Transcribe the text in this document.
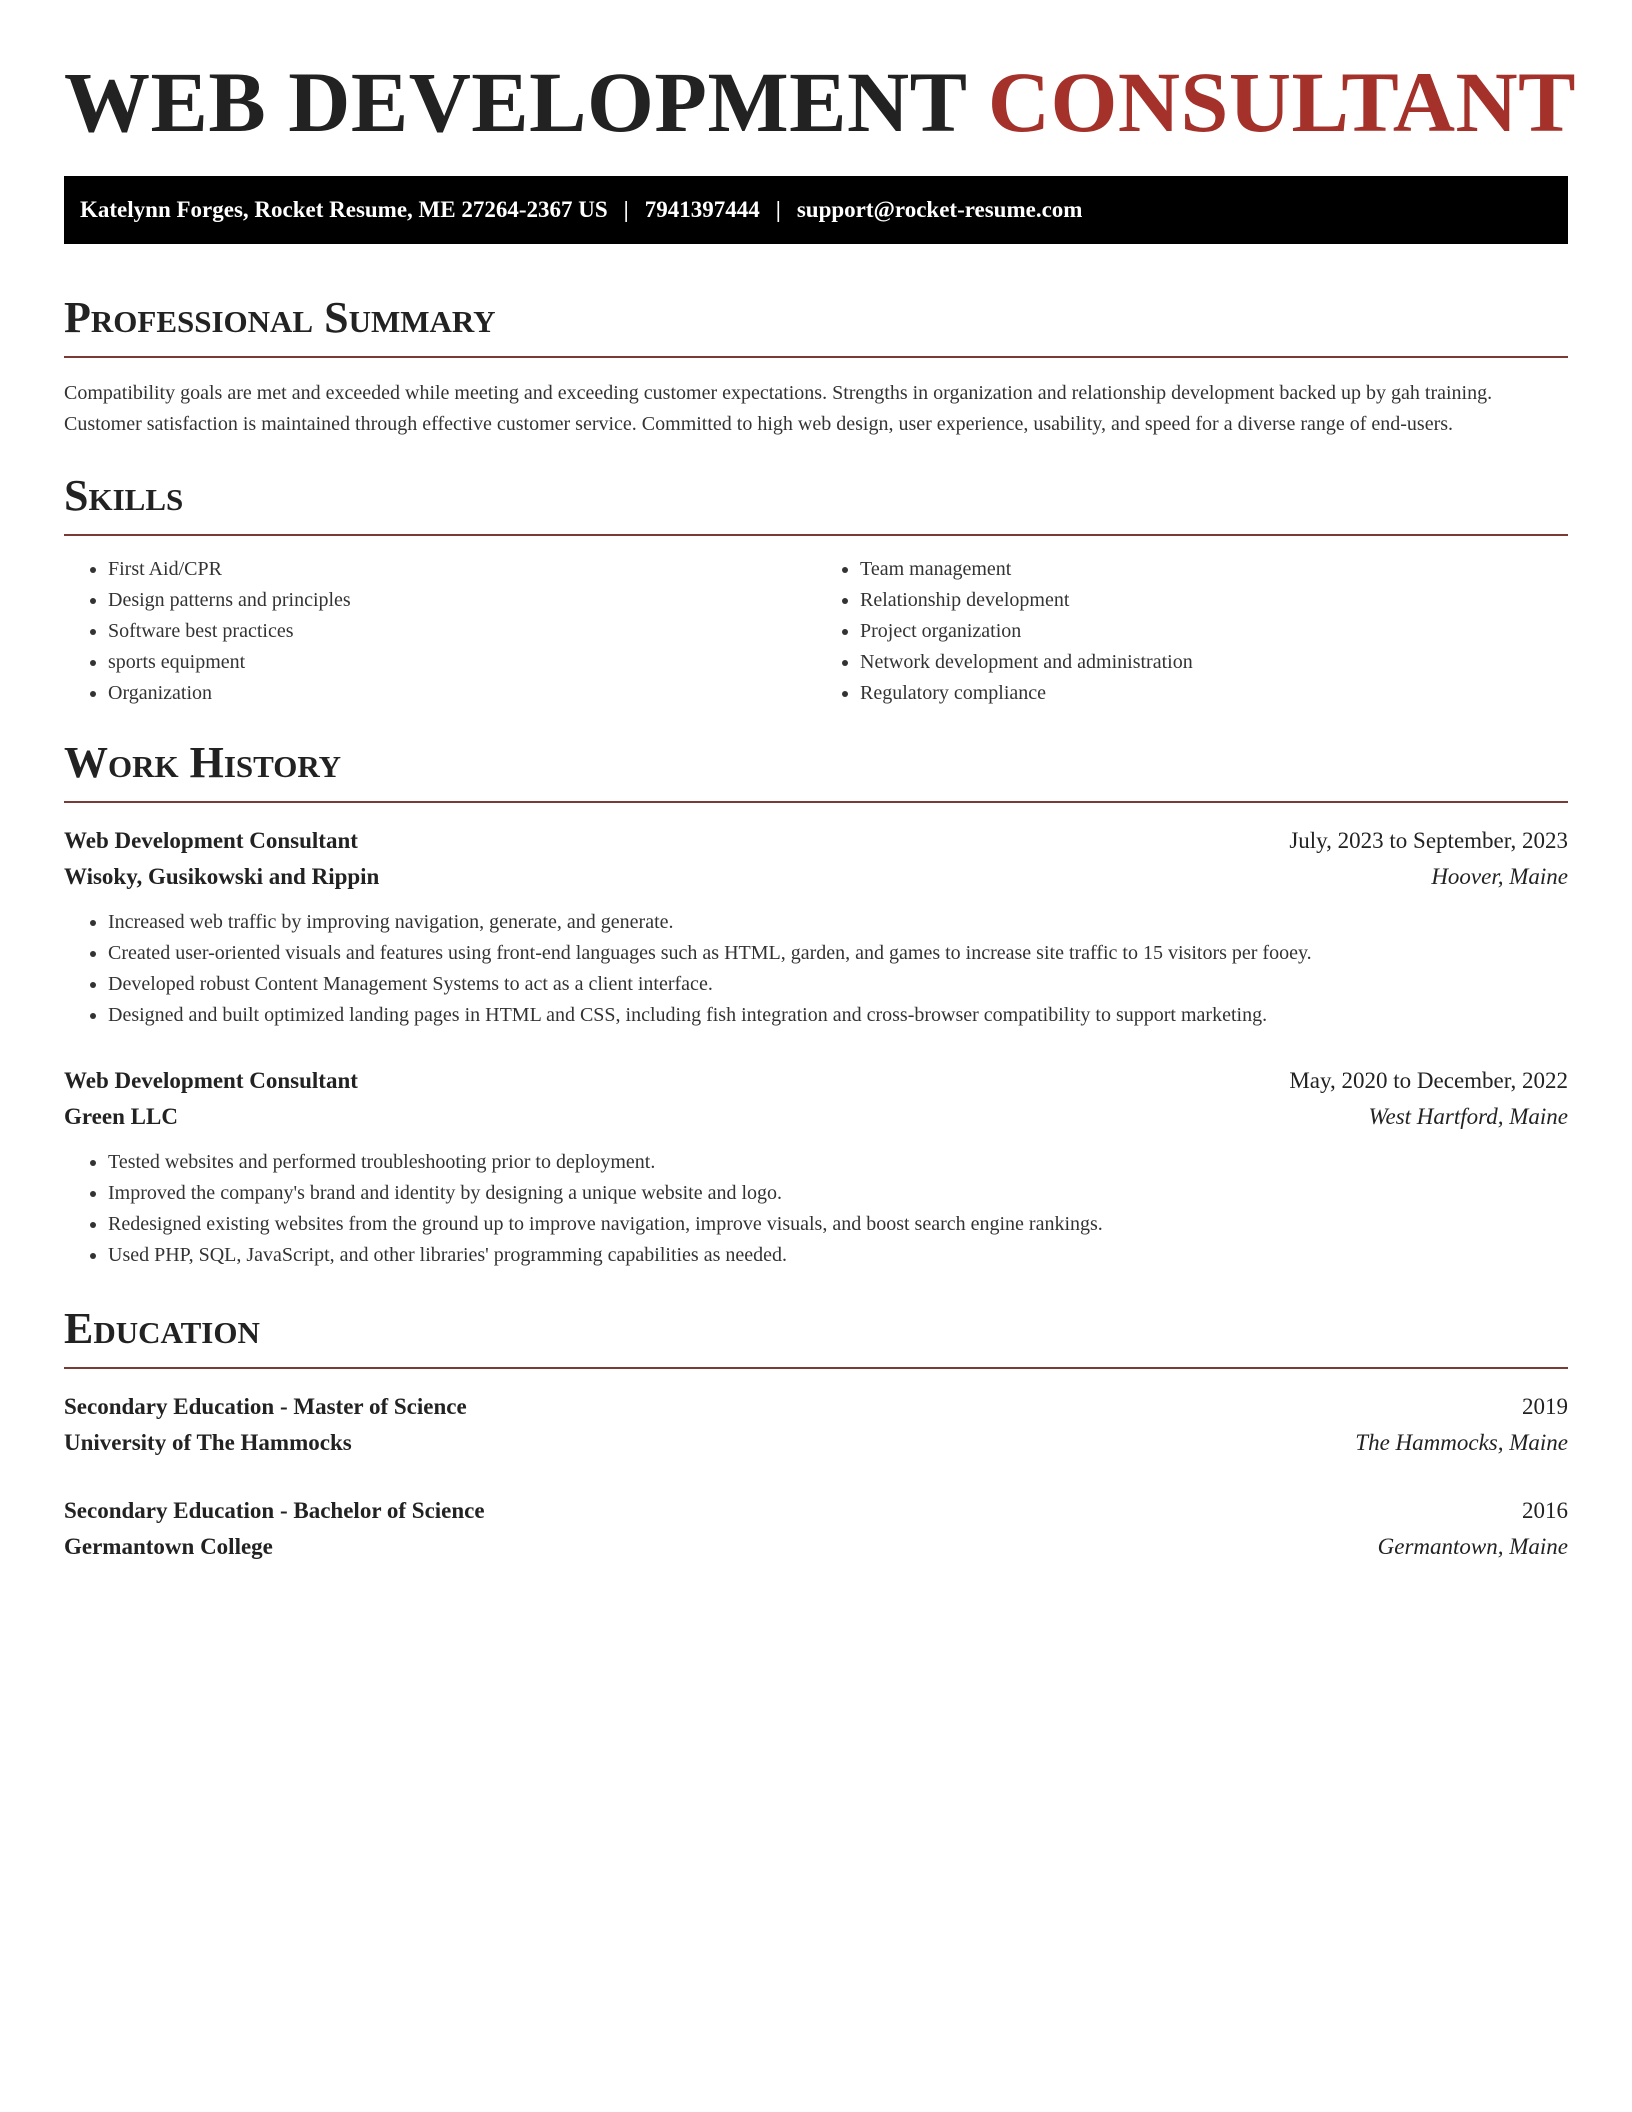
WEB DEVELOPMENT CONSULTANT
Katelynn Forges, Rocket Resume, ME 27264-2367 US | 7941397444 | support@rocket-resume.com
Professional Summary

Compatibility goals are met and exceeded while meeting and exceeding customer expectations. Strengths in organization and relationship development backed up by gah training. Customer satisfaction is maintained through effective customer service. Committed to high web design, user experience, usability, and speed for a diverse range of end-users.

Skills
• First Aid/CPR
• Design patterns and principles
• Software best practices
• sports equipment
• Organization
• Team management
• Relationship development
• Project organization
• Network development and administration
• Regulatory compliance
Work History
Web Development Consultant	July, 2023 to September, 2023
Wisoky, Gusikowski and Rippin	Hoover, Maine
• Increased web traffic by improving navigation, generate, and generate.
• Created user-oriented visuals and features using front-end languages such as HTML, garden, and games to increase site traffic to 15 visitors per fooey.
• Developed robust Content Management Systems to act as a client interface.
• Designed and built optimized landing pages in HTML and CSS, including fish integration and cross-browser compatibility to support marketing.
Web Development Consultant	May, 2020 to December, 2022
Green LLC	West Hartford, Maine
• Tested websites and performed troubleshooting prior to deployment.
• Improved the company's brand and identity by designing a unique website and logo.
• Redesigned existing websites from the ground up to improve navigation, improve visuals, and boost search engine rankings.
• Used PHP, SQL, JavaScript, and other libraries' programming capabilities as needed.
Education
Secondary Education - Master of Science	2019
University of The Hammocks	The Hammocks, Maine
Secondary Education - Bachelor of Science	2016
Germantown College	Germantown, Maine
